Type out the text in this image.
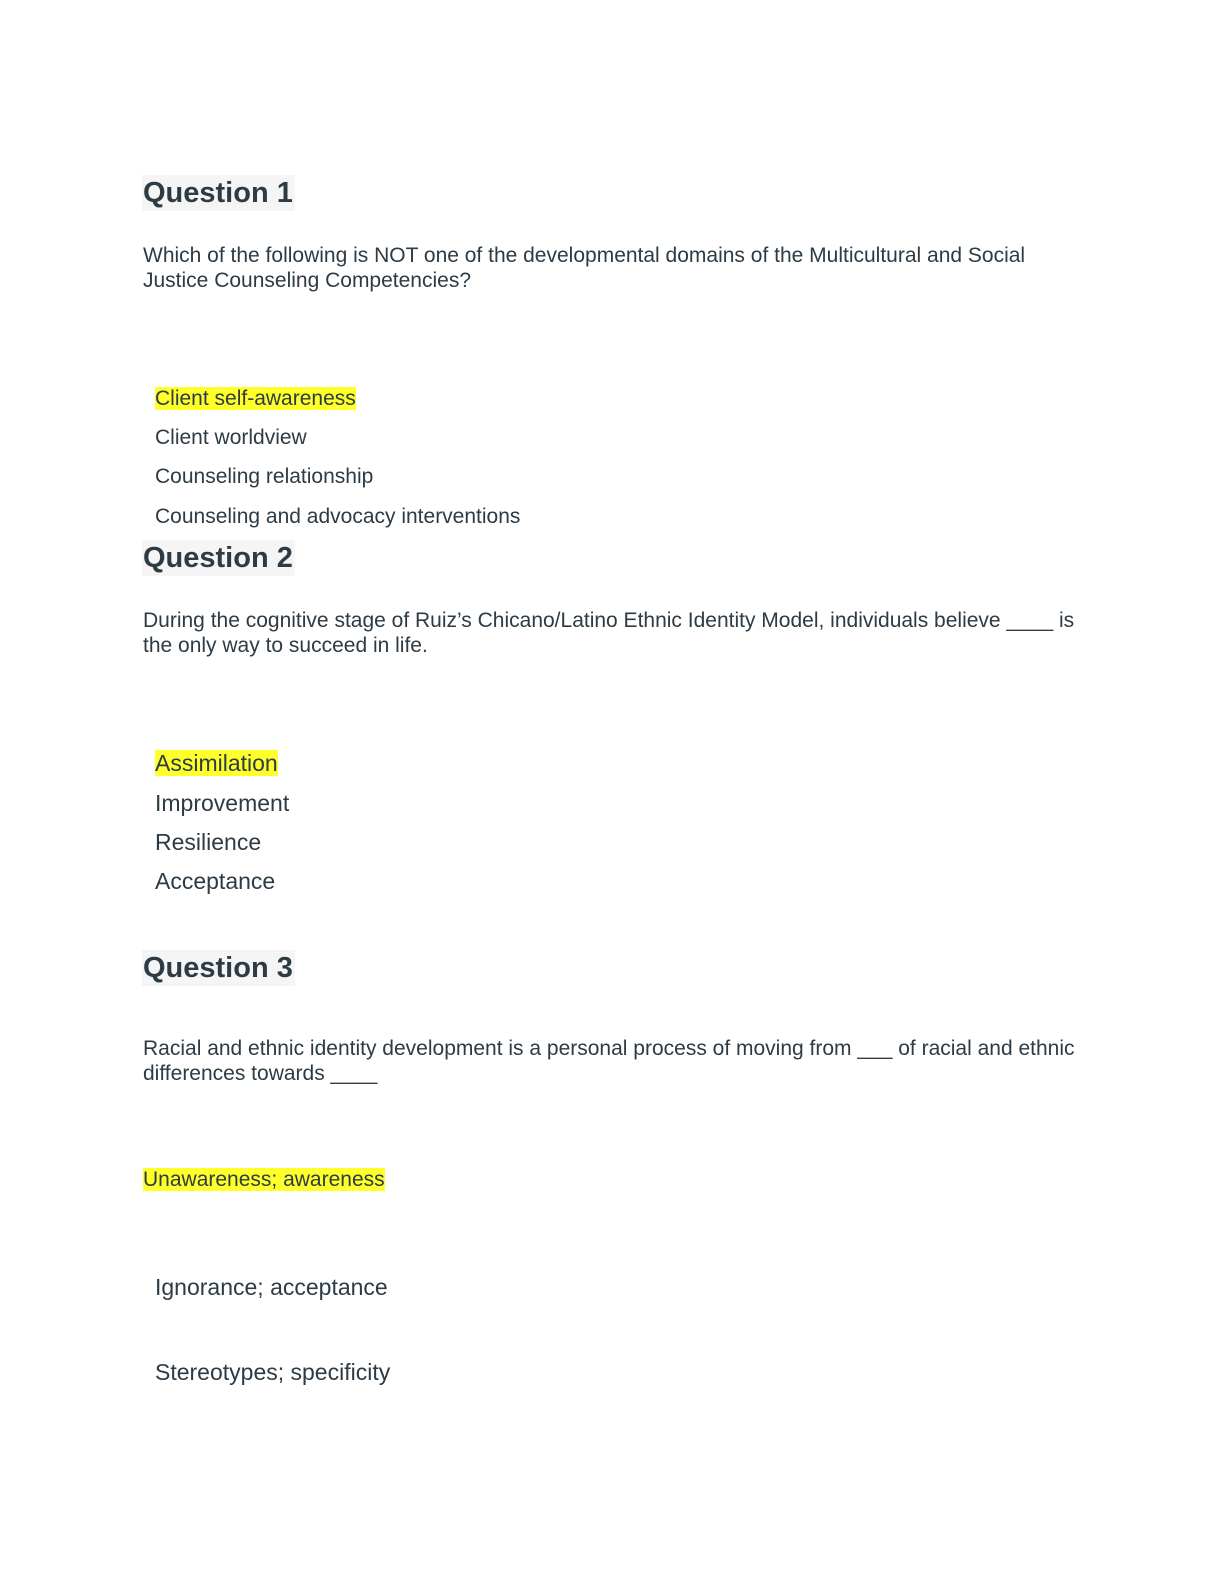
Question 1

Which of the following is NOT one of the developmental domains of the Multicultural and Social Justice Counseling Competencies?

Client self-awareness
Client worldview
Counseling relationship
Counseling and advocacy interventions
Question 2

During the cognitive stage of Ruiz’s Chicano/Latino Ethnic Identity Model, individuals believe ____ is the only way to succeed in life.

Assimilation
Improvement
Resilience
Acceptance
Question 3

Racial and ethnic identity development is a personal process of moving from ___ of racial and ethnic differences towards ____

Unawareness; awareness
Ignorance; acceptance
Stereotypes; specificity
